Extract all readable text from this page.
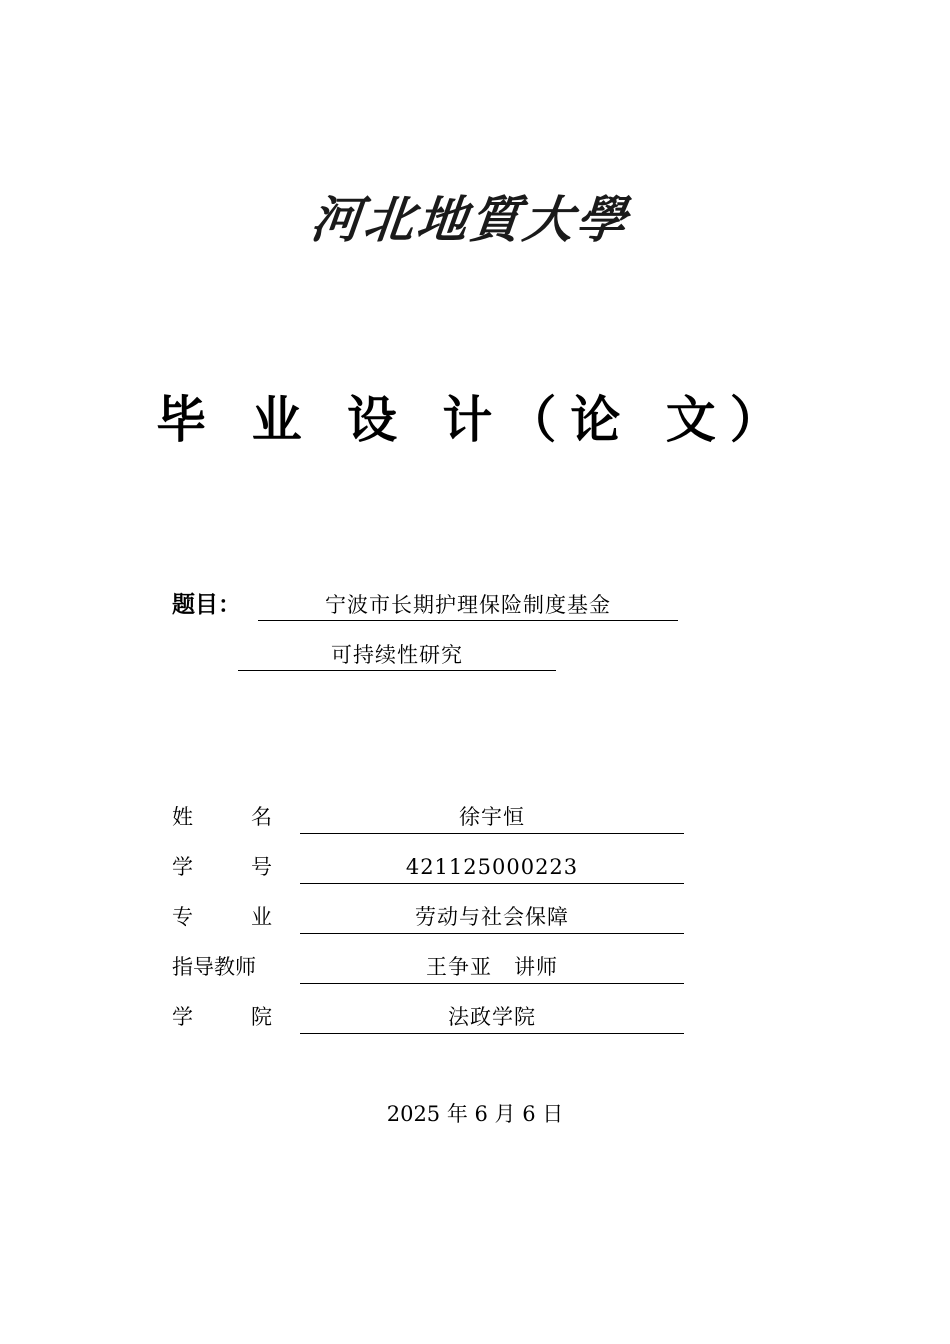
河北地質大學
毕 业 设 计（论 文）
题目：	宁波市长期护理保险制度基金
可持续性研究
姓	名	徐宇恒
学	号	421125000223
专	业	劳动与社会保障
指导教师	王争亚　讲师
学	院	法政学院
2025 年 6 月 6 日
